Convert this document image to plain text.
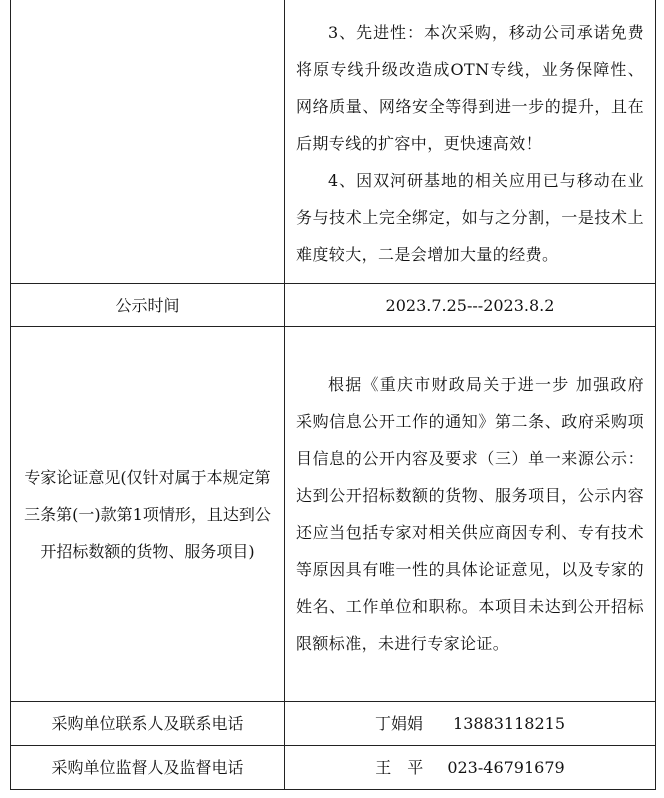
	3、先进性：本次采购，移动公司承诺免费将原专线升级改造成OTN专线，业务保障性、网络质量、网络安全等得到进一步的提升，且在后期专线的扩容中，更快速高效！

4、因双河研基地的相关应用已与移动在业务与技术上完全绑定，如与之分割，一是技术上难度较大，二是会增加大量的经费。

公示时间	2023.7.25---2023.8.2

专家论证意见(仅针对属于本规定第三条第(一)款第1项情形，且达到公开招标数额的货物、服务项目)	根据《重庆市财政局关于进一步 加强政府采购信息公开工作的通知》第二条、政府采购项目信息的公开内容及要求（三）单一来源公示：达到公开招标数额的货物、服务项目，公示内容还应当包括专家对相关供应商因专利、专有技术等原因具有唯一性的具体论证意见，以及专家的姓名、工作单位和职称。本项目未达到公开招标限额标准，未进行专家论证。

采购单位联系人及联系电话	丁娟娟 13883118215
采购单位监督人及监督电话	王　平 023-46791679
